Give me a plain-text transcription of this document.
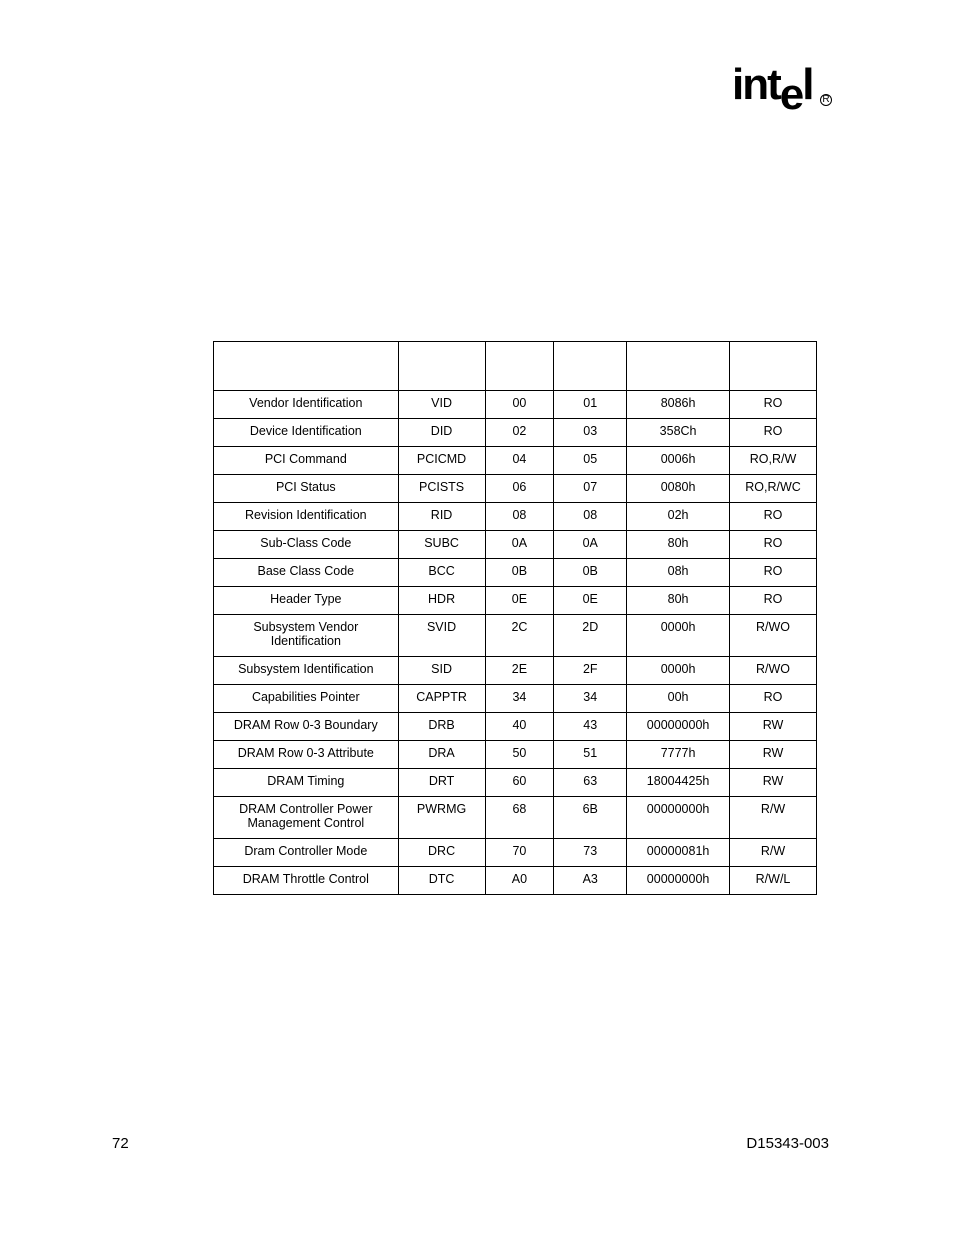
intel R

Vendor Identification	VID	00	01	8086h	RO
Device Identification	DID	02	03	358Ch	RO
PCI Command	PCICMD	04	05	0006h	RO,R/W
PCI Status	PCISTS	06	07	0080h	RO,R/WC
Revision Identification	RID	08	08	02h	RO
Sub-Class Code	SUBC	0A	0A	80h	RO
Base Class Code	BCC	0B	0B	08h	RO
Header Type	HDR	0E	0E	80h	RO
Subsystem Vendor Identification	SVID	2C	2D	0000h	R/WO
Subsystem Identification	SID	2E	2F	0000h	R/WO
Capabilities Pointer	CAPPTR	34	34	00h	RO
DRAM Row 0-3 Boundary	DRB	40	43	00000000h	RW
DRAM Row 0-3 Attribute	DRA	50	51	7777h	RW
DRAM Timing	DRT	60	63	18004425h	RW
DRAM Controller Power Management Control	PWRMG	68	6B	00000000h	R/W
Dram Controller Mode	DRC	70	73	00000081h	R/W
DRAM Throttle Control	DTC	A0	A3	00000000h	R/W/L
72	D15343-003
